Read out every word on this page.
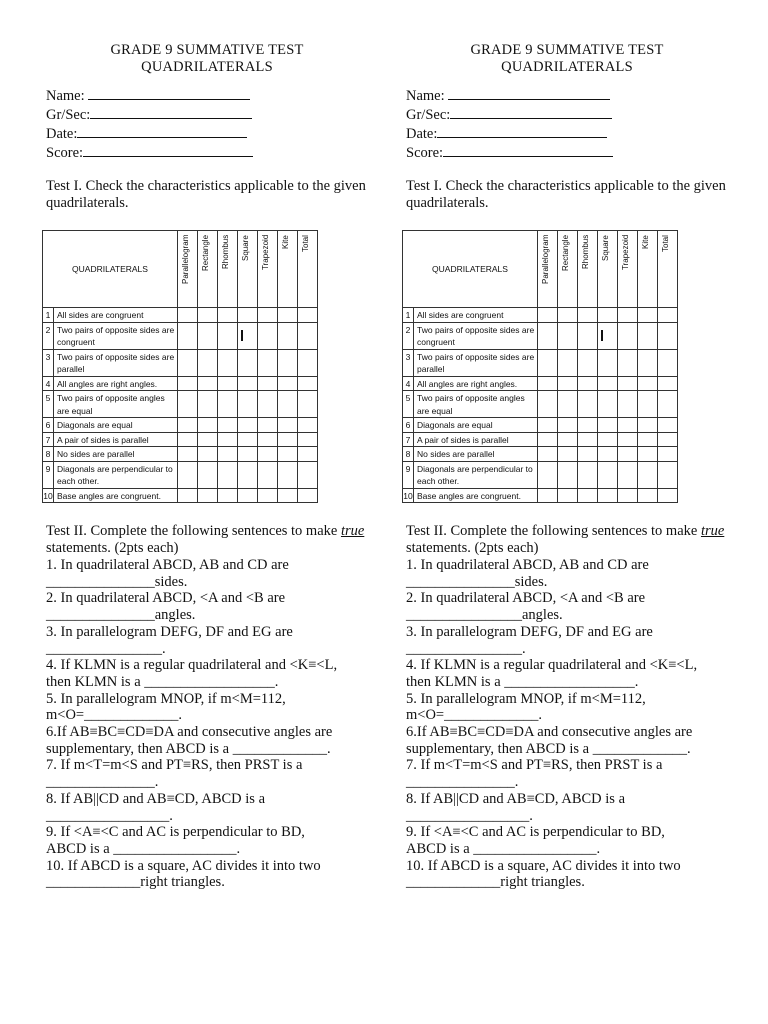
GRADE 9 SUMMATIVE TEST
QUADRILATERALS
Name:
Gr/Sec:
Date:
Score:
Test I. Check the characteristics applicable to the given quadrilaterals.
QUADRILATERALS		Parallelogram	Rectangle	Rhombus	Square	Trapezoid	Kite	Total

1	All sides are congruent							
2	Two pairs of opposite sides are congruent				

3	Two pairs of opposite sides are parallel							
4	All angles are right angles.							
5	Two pairs of opposite angles are equal							
6	Diagonals are equal							
7	A pair of sides is parallel							
8	No sides are parallel							
9	Diagonals are perpendicular to each other.							
10	Base angles are congruent.							
Test II. Complete the following sentences to make true statements. (2pts each)
1. In quadrilateral ABCD, AB and CD are
_______________sides.
2. In quadrilateral ABCD, <A and <B are
_______________angles.
3. In parallelogram DEFG, DF and EG are
________________.
4. If KLMN is a regular quadrilateral and <K≡<L,
then KLMN is a __________________.
5. In parallelogram MNOP, if m<M=112,
m<O=_____________.
6.If AB≡BC≡CD≡DA and consecutive angles are
supplementary, then ABCD is a _____________.
7. If m<T=m<S and PT≡RS, then PRST is a
_______________.
8. If AB||CD and AB≡CD, ABCD is a
_________________.
9. If <A≡<C and AC is perpendicular to BD,
ABCD is a _________________.
10. If ABCD is a square, AC divides it into two
_____________right triangles.
GRADE 9 SUMMATIVE TEST
QUADRILATERALS
Name:
Gr/Sec:
Date:
Score:
Test I. Check the characteristics applicable to the given quadrilaterals.
QUADRILATERALS		Parallelogram	Rectangle	Rhombus	Square	Trapezoid	Kite	Total

1	All sides are congruent							
2	Two pairs of opposite sides are congruent				

3	Two pairs of opposite sides are parallel							
4	All angles are right angles.							
5	Two pairs of opposite angles are equal							
6	Diagonals are equal							
7	A pair of sides is parallel							
8	No sides are parallel							
9	Diagonals are perpendicular to each other.							
10	Base angles are congruent.							
Test II. Complete the following sentences to make true statements. (2pts each)
1. In quadrilateral ABCD, AB and CD are
_______________sides.
2. In quadrilateral ABCD, <A and <B are
________________angles.
3. In parallelogram DEFG, DF and EG are
________________.
4. If KLMN is a regular quadrilateral and <K≡<L,
then KLMN is a __________________.
5. In parallelogram MNOP, if m<M=112,
m<O=_____________.
6.If AB≡BC≡CD≡DA and consecutive angles are
supplementary, then ABCD is a _____________.
7. If m<T=m<S and PT≡RS, then PRST is a
_______________.
8. If AB||CD and AB≡CD, ABCD is a
_________________.
9. If <A≡<C and AC is perpendicular to BD,
ABCD is a _________________.
10. If ABCD is a square, AC divides it into two
_____________right triangles.
